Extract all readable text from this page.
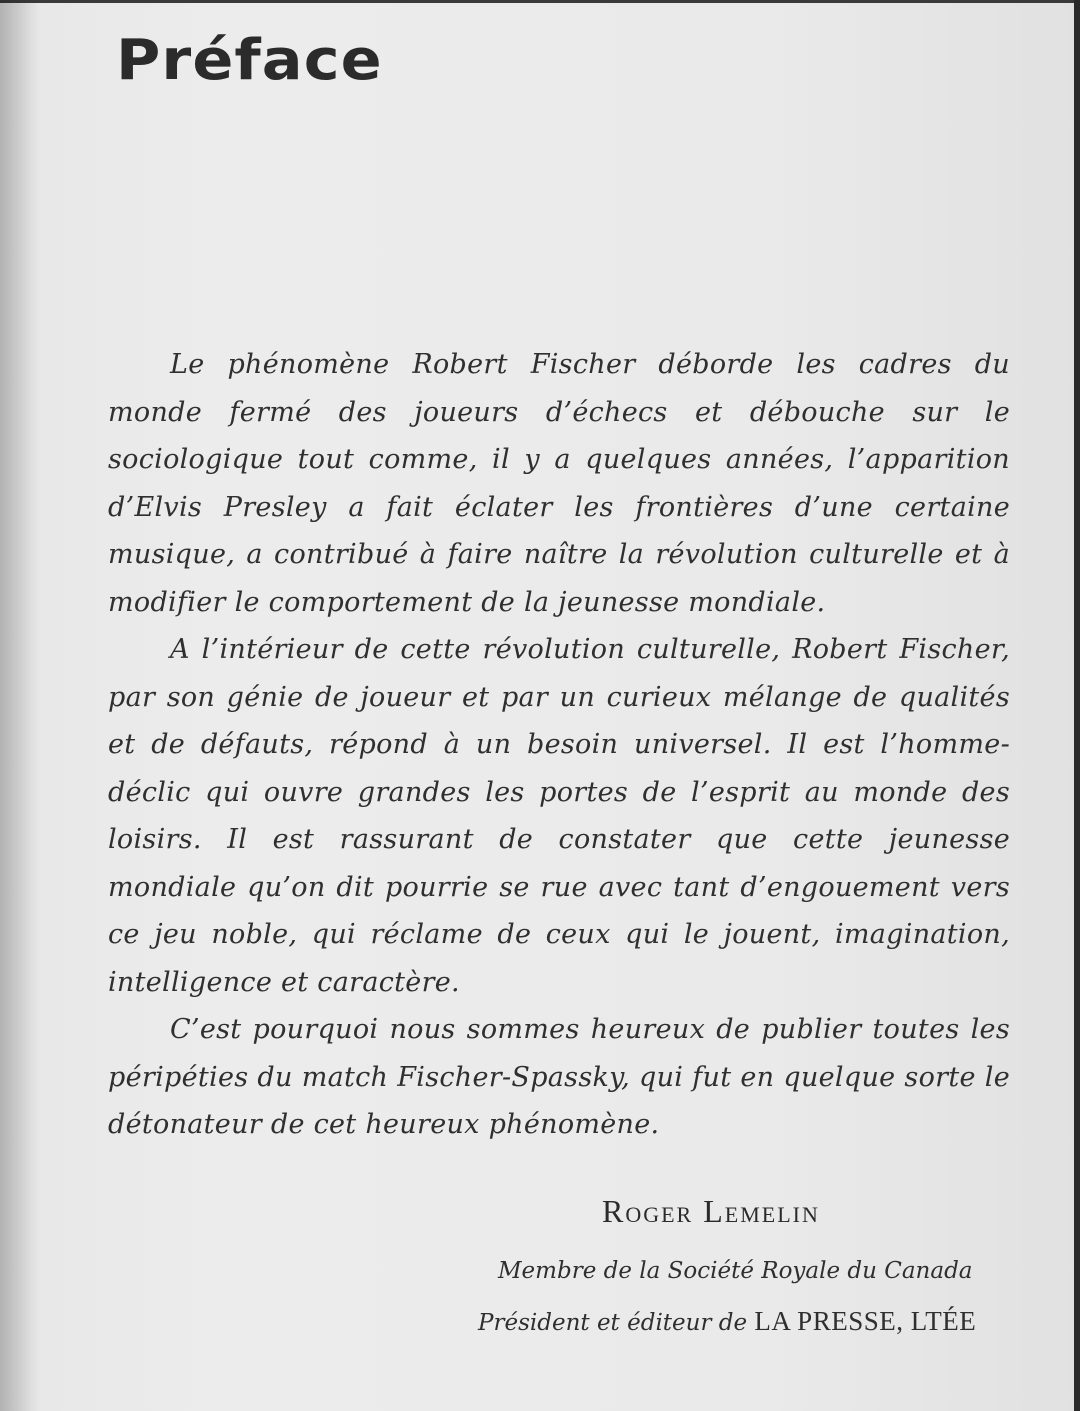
Préface

Le phénomène Robert Fischer déborde les cadres du monde fermé des joueurs d’échecs et débouche sur le sociologique tout comme, il y a quelques années, l’apparition d’Elvis Presley a fait éclater les frontières d’une certaine musique, a contribué à faire naître la révolution culturelle et à modifier le comportement de la jeunesse mondiale.

A l’intérieur de cette révolution culturelle, Robert Fischer, par son génie de joueur et par un curieux mélange de qualités et de défauts, répond à un besoin universel. Il est l’homme-déclic qui ouvre grandes les portes de l’esprit au monde des loisirs. Il est rassurant de constater que cette jeunesse mondiale qu’on dit pourrie se rue avec tant d’engouement vers ce jeu noble, qui réclame de ceux qui le jouent, imagination, intelligence et caractère.

C’est pourquoi nous sommes heureux de publier toutes les péripéties du match Fischer-Spassky, qui fut en quelque sorte le détonateur de cet heureux phénomène.

Roger Lemelin
Membre de la Société Royale du Canada
Président et éditeur de LA PRESSE, LTÉE
